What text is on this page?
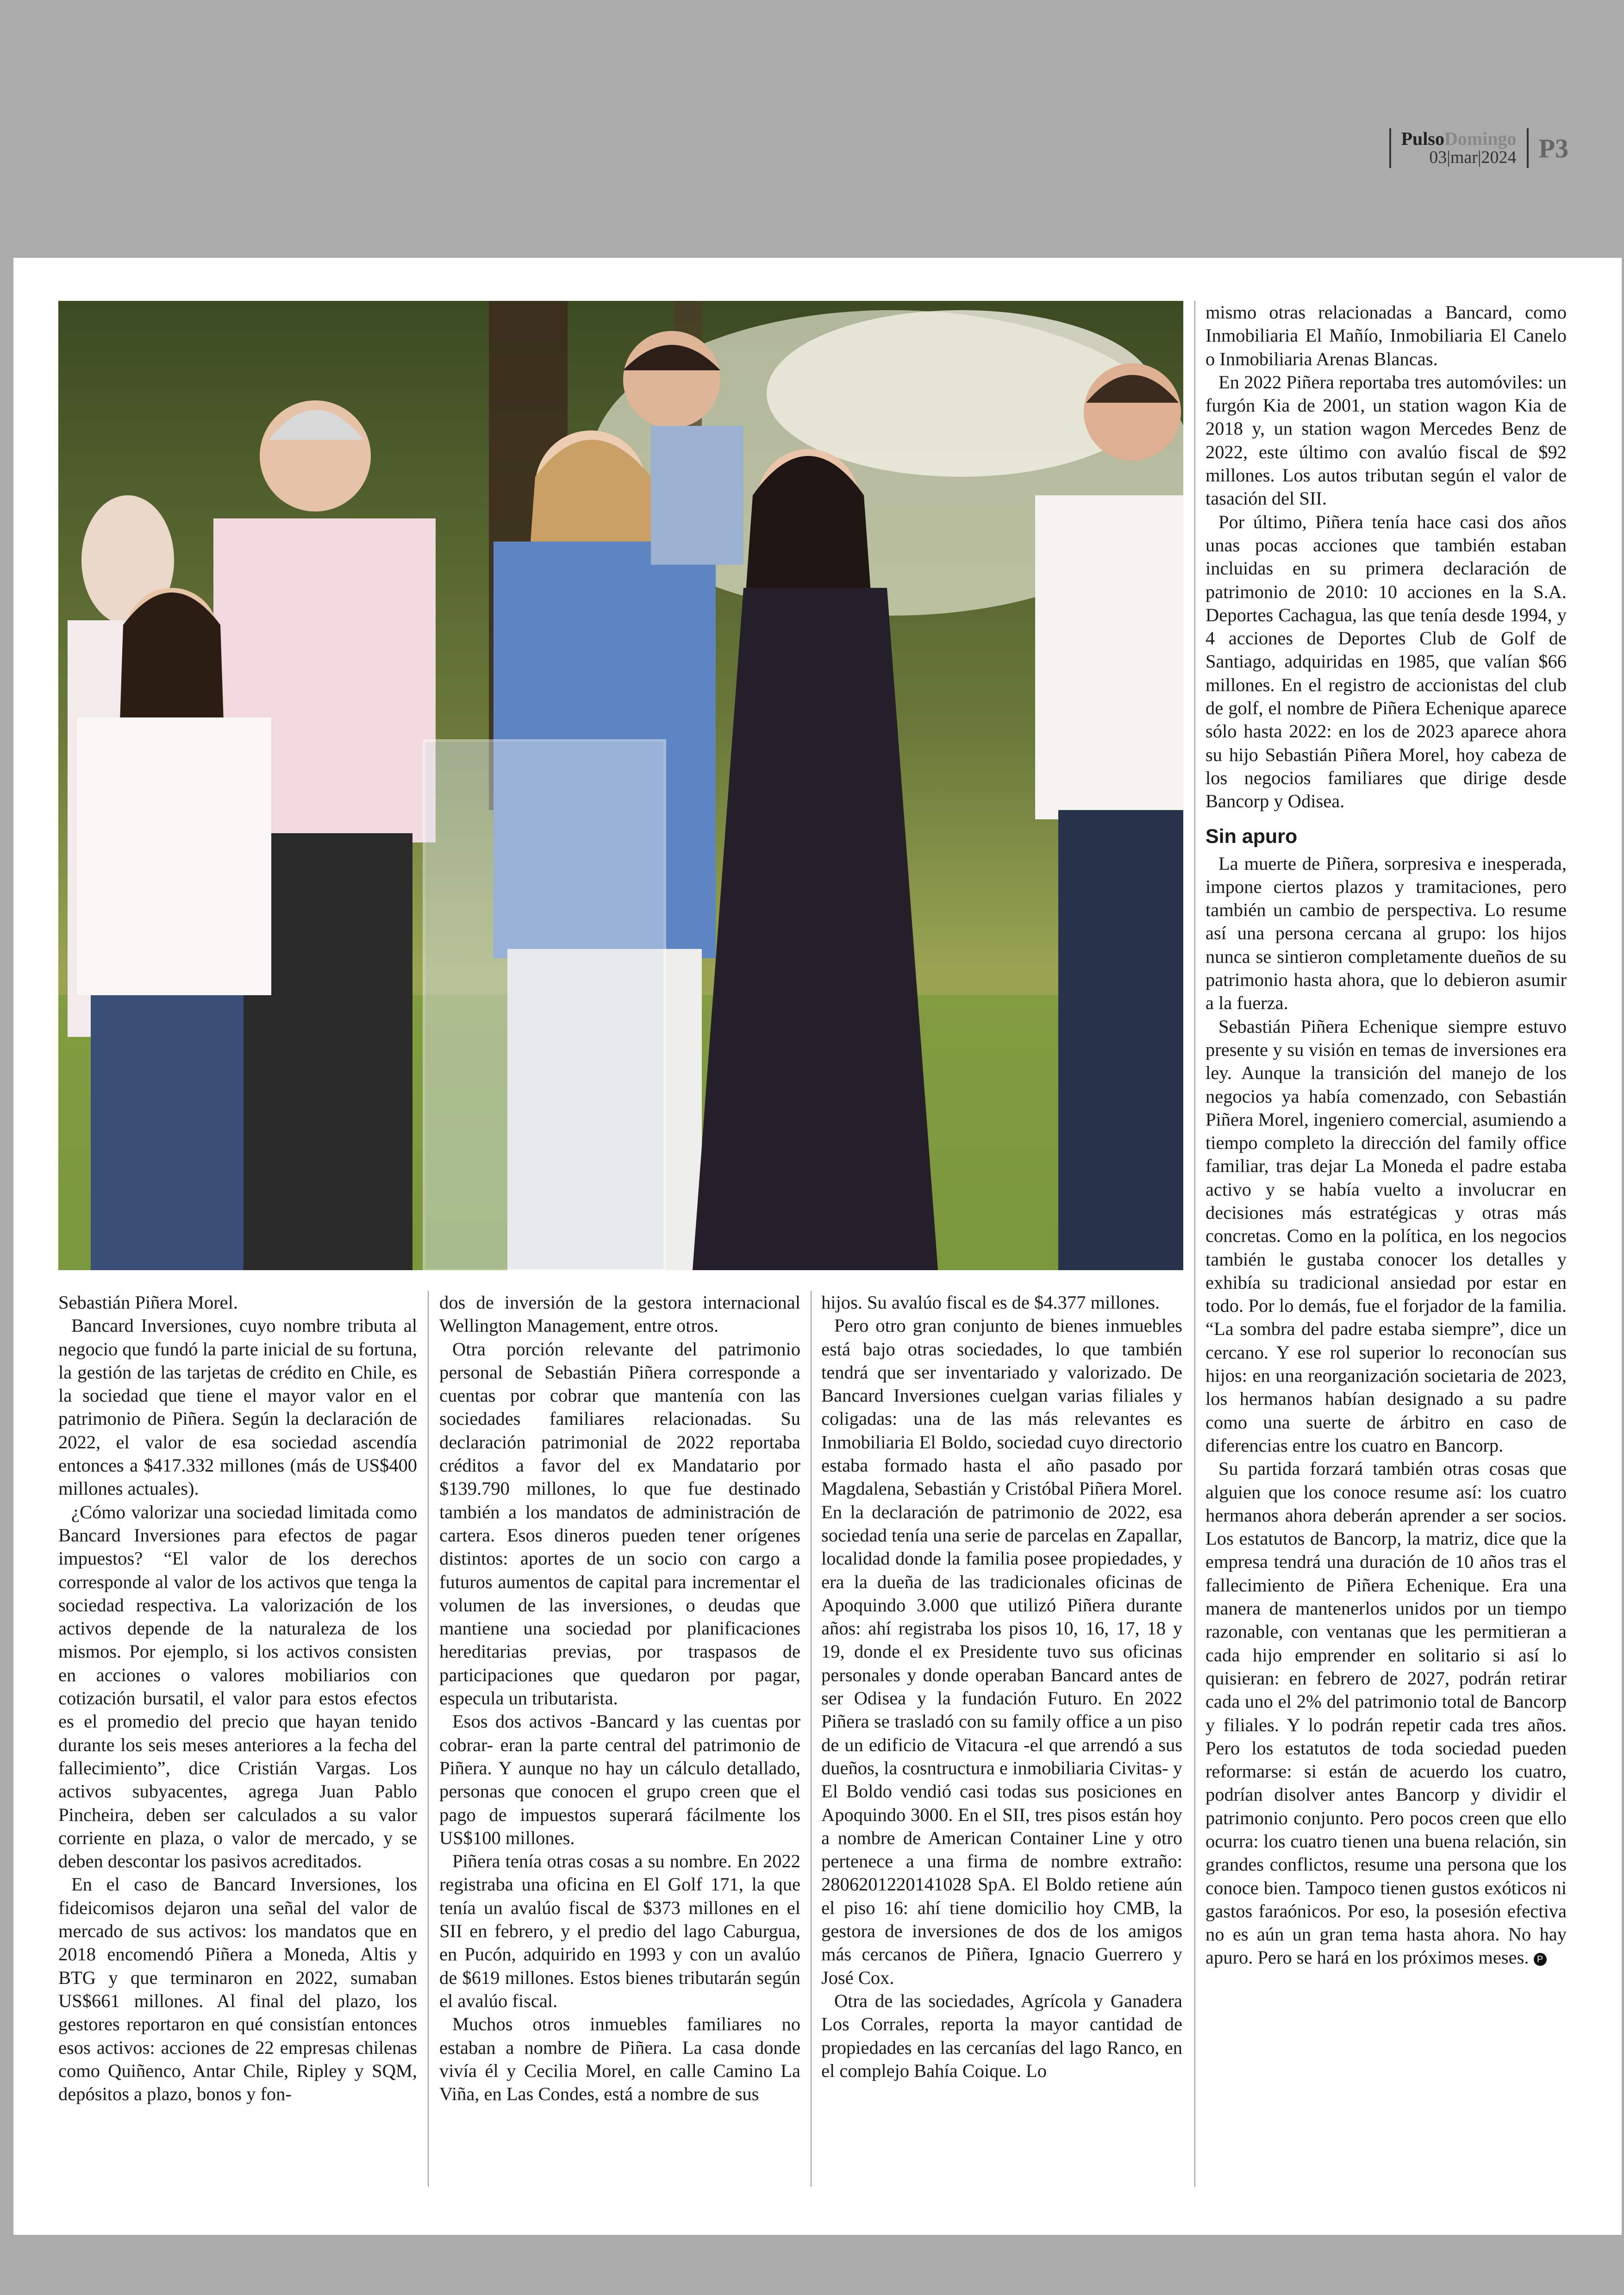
PulsoDomingo
03|mar|2024 P3

Sebastián Piñera Morel.

Bancard Inversiones, cuyo nombre tributa al negocio que fundó la parte inicial de su fortuna, la gestión de las tarjetas de crédito en Chile, es la sociedad que tiene el mayor valor en el patrimonio de Piñera. Según la declaración de 2022, el valor de esa sociedad ascendía entonces a $417.332 millones (más de US$400 millones actuales).

¿Cómo valorizar una sociedad limitada como Bancard Inversiones para efectos de pagar impuestos? “El valor de los derechos corresponde al valor de los activos que tenga la sociedad respectiva. La valorización de los activos depende de la naturaleza de los mismos. Por ejemplo, si los activos consisten en acciones o valores mobiliarios con cotización bursatil, el valor para estos efectos es el promedio del precio que hayan tenido durante los seis meses anteriores a la fecha del fallecimiento”, dice Cristián Vargas. Los activos subyacentes, agrega Juan Pablo Pincheira, deben ser calculados a su valor corriente en plaza, o valor de mercado, y se deben descontar los pasivos acreditados.

En el caso de Bancard Inversiones, los fideicomisos dejaron una señal del valor de mercado de sus activos: los mandatos que en 2018 encomendó Piñera a Moneda, Altis y BTG y que terminaron en 2022, sumaban US$661 millones. Al final del plazo, los gestores reportaron en qué consistían entonces esos activos: acciones de 22 empresas chilenas como Quiñenco, Antar Chile, Ripley y SQM, depósitos a plazo, bonos y fon-

dos de inversión de la gestora internacional Wellington Management, entre otros.

Otra porción relevante del patrimonio personal de Sebastián Piñera corresponde a cuentas por cobrar que mantenía con las sociedades familiares relacionadas. Su declaración patrimonial de 2022 reportaba créditos a favor del ex Mandatario por $139.790 millones, lo que fue destinado también a los mandatos de administración de cartera. Esos dineros pueden tener orígenes distintos: aportes de un socio con cargo a futuros aumentos de capital para incrementar el volumen de las inversiones, o deudas que mantiene una sociedad por planificaciones hereditarias previas, por traspasos de participaciones que quedaron por pagar, especula un tributarista.

Esos dos activos -Bancard y las cuentas por cobrar- eran la parte central del patrimonio de Piñera. Y aunque no hay un cálculo detallado, personas que conocen el grupo creen que el pago de impuestos superará fácilmente los US$100 millones.

Piñera tenía otras cosas a su nombre. En 2022 registraba una oficina en El Golf 171, la que tenía un avalúo fiscal de $373 millones en el SII en febrero, y el predio del lago Caburgua, en Pucón, adquirido en 1993 y con un avalúo de $619 millones. Estos bienes tributarán según el avalúo fiscal.

Muchos otros inmuebles familiares no estaban a nombre de Piñera. La casa donde vivía él y Cecilia Morel, en calle Camino La Viña, en Las Condes, está a nombre de sus

hijos. Su avalúo fiscal es de $4.377 millones.

Pero otro gran conjunto de bienes inmuebles está bajo otras sociedades, lo que también tendrá que ser inventariado y valorizado. De Bancard Inversiones cuelgan varias filiales y coligadas: una de las más relevantes es Inmobiliaria El Boldo, sociedad cuyo directorio estaba formado hasta el año pasado por Magdalena, Sebastián y Cristóbal Piñera Morel. En la declaración de patrimonio de 2022, esa sociedad tenía una serie de parcelas en Zapallar, localidad donde la familia posee propiedades, y era la dueña de las tradicionales oficinas de Apoquindo 3.000 que utilizó Piñera durante años: ahí registraba los pisos 10, 16, 17, 18 y 19, donde el ex Presidente tuvo sus oficinas personales y donde operaban Bancard antes de ser Odisea y la fundación Futuro. En 2022 Piñera se trasladó con su family office a un piso de un edificio de Vitacura -el que arrendó a sus dueños, la cosntructura e inmobiliaria Civitas- y El Boldo vendió casi todas sus posiciones en Apoquindo 3000. En el SII, tres pisos están hoy a nombre de American Container Line y otro pertenece a una firma de nombre extraño: 2806201220141028 SpA. El Boldo retiene aún el piso 16: ahí tiene domicilio hoy CMB, la gestora de inversiones de dos de los amigos más cercanos de Piñera, Ignacio Guerrero y José Cox.

Otra de las sociedades, Agrícola y Ganadera Los Corrales, reporta la mayor cantidad de propiedades en las cercanías del lago Ranco, en el complejo Bahía Coique. Lo

mismo otras relacionadas a Bancard, como Inmobiliaria El Mañío, Inmobiliaria El Canelo o Inmobiliaria Arenas Blancas.

En 2022 Piñera reportaba tres automóviles: un furgón Kia de 2001, un station wagon Kia de 2018 y, un station wagon Mercedes Benz de 2022, este último con avalúo fiscal de $92 millones. Los autos tributan según el valor de tasación del SII.

Por último, Piñera tenía hace casi dos años unas pocas acciones que también estaban incluidas en su primera declaración de patrimonio de 2010: 10 acciones en la S.A. Deportes Cachagua, las que tenía desde 1994, y 4 acciones de Deportes Club de Golf de Santiago, adquiridas en 1985, que valían $66 millones. En el registro de accionistas del club de golf, el nombre de Piñera Echenique aparece sólo hasta 2022: en los de 2023 aparece ahora su hijo Sebastián Piñera Morel, hoy cabeza de los negocios familiares que dirige desde Bancorp y Odisea.

Sin apuro

La muerte de Piñera, sorpresiva e inesperada, impone ciertos plazos y tramitaciones, pero también un cambio de perspectiva. Lo resume así una persona cercana al grupo: los hijos nunca se sintieron completamente dueños de su patrimonio hasta ahora, que lo debieron asumir a la fuerza.

Sebastián Piñera Echenique siempre estuvo presente y su visión en temas de inversiones era ley. Aunque la transición del manejo de los negocios ya había comenzado, con Sebastián Piñera Morel, ingeniero comercial, asumiendo a tiempo completo la dirección del family office familiar, tras dejar La Moneda el padre estaba activo y se había vuelto a involucrar en decisiones más estratégicas y otras más concretas. Como en la política, en los negocios también le gustaba conocer los detalles y exhibía su tradicional ansiedad por estar en todo. Por lo demás, fue el forjador de la familia. “La sombra del padre estaba siempre”, dice un cercano. Y ese rol superior lo reconocían sus hijos: en una reorganización societaria de 2023, los hermanos habían designado a su padre como una suerte de árbitro en caso de diferencias entre los cuatro en Bancorp.

Su partida forzará también otras cosas que alguien que los conoce resume así: los cuatro hermanos ahora deberán aprender a ser socios. Los estatutos de Bancorp, la matriz, dice que la empresa tendrá una duración de 10 años tras el fallecimiento de Piñera Echenique. Era una manera de mantenerlos unidos por un tiempo razonable, con ventanas que les permitieran a cada hijo emprender en solitario si así lo quisieran: en febrero de 2027, podrán retirar cada uno el 2% del patrimonio total de Bancorp y filiales. Y lo podrán repetir cada tres años. Pero los estatutos de toda sociedad pueden reformarse: si están de acuerdo los cuatro, podrían disolver antes Bancorp y dividir el patrimonio conjunto. Pero pocos creen que ello ocurra: los cuatro tienen una buena relación, sin grandes conflictos, resume una persona que los conoce bien. Tampoco tienen gustos exóticos ni gastos faraónicos. Por eso, la posesión efectiva no es aún un gran tema hasta ahora. No hay apuro. Pero se hará en los próximos meses. P
